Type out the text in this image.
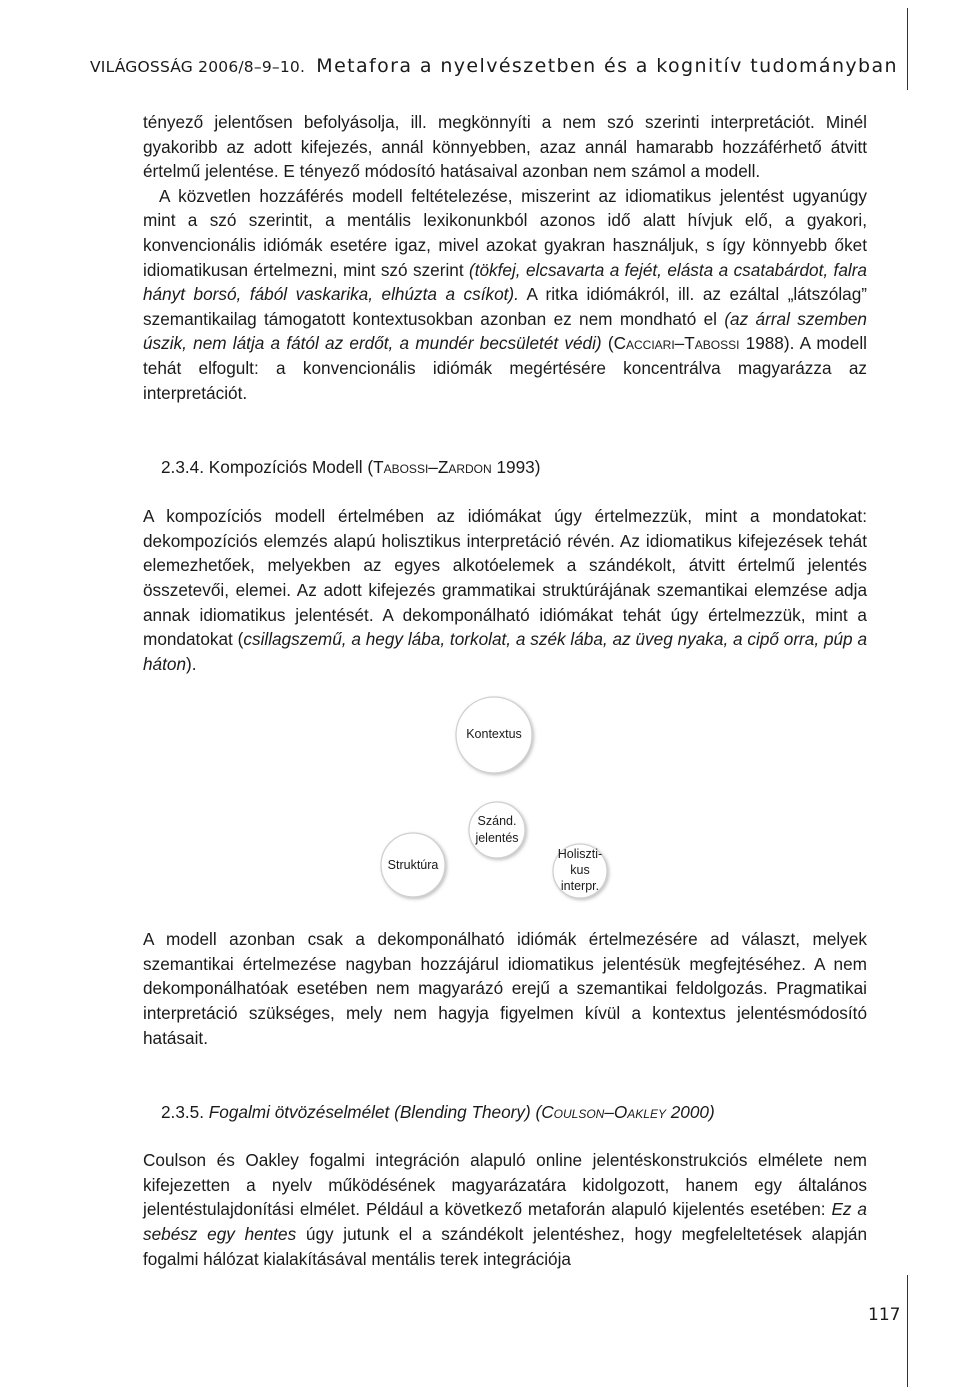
VILÁGOSSÁG 2006/8–9–10. Metafora a nyelvészetben és a kognitív tudományban

tényező jelentősen befolyásolja, ill. megkönnyíti a nem szó szerinti interpretációt. Minél gyakoribb az adott kifejezés, annál könnyebben, azaz annál hamarabb hozzáférhető átvitt értelmű jelentése. E tényező módosító hatásaival azonban nem számol a modell.

A közvetlen hozzáférés modell feltételezése, miszerint az idiomatikus jelentést ugyanúgy mint a szó szerintit, a mentális lexikonunkból azonos idő alatt hívjuk elő, a gyakori, konvencionális idiómák esetére igaz, mivel azokat gyakran használjuk, s így könnyebb őket idiomatikusan értelmezni, mint szó szerint (tökfej, elcsavarta a fejét, elásta a csatabárdot, falra hányt borsó, fából vaskarika, elhúzta a csíkot). A ritka idiómákról, ill. az ezáltal „látszólag” szemantikailag támogatott kontextusokban azonban ez nem mondható el (az árral szemben úszik, nem látja a fától az erdőt, a mundér becsületét védi) (Cacciari–Tabossi 1988). A modell tehát elfogult: a konvencionális idiómák megértésére koncentrálva magyarázza az interpretációt.

2.3.4. Kompozíciós Modell (Tabossi–Zardon 1993)

A kompozíciós modell értelmében az idiómákat úgy értelmezzük, mint a mondatokat: dekompozíciós elemzés alapú holisztikus interpretáció révén. Az idiomatikus kifejezések tehát elemezhetőek, melyekben az egyes alkotóelemek a szándékolt, átvitt értelmű jelentés összetevői, elemei. Az adott kifejezés grammatikai struktúrájának szemantikai elemzése adja annak idiomatikus jelentését. A dekomponálható idiómákat tehát úgy értelmezzük, mint a mondatokat (csillagszemű, a hegy lába, torkolat, a szék lába, az üveg nyaka, a cipő orra, púp a háton).

Kontextus
Szánd.
jelentés
Struktúra
Holiszti-
kus
interpr.

A modell azonban csak a dekomponálható idiómák értelmezésére ad választ, melyek szemantikai értelmezése nagyban hozzájárul idiomatikus jelentésük megfejtéséhez. A nem dekomponálhatóak esetében nem magyarázó erejű a szemantikai feldolgozás. Pragmatikai interpretáció szükséges, mely nem hagyja figyelmen kívül a kontextus jelentésmódosító hatásait.

2.3.5. Fogalmi ötvözéselmélet (Blending Theory) (Coulson–Oakley 2000)

Coulson és Oakley fogalmi integráción alapuló online jelentéskonstrukciós elmélete nem kifejezetten a nyelv működésének magyarázatára kidolgozott, hanem egy általános jelentéstulajdonítási elmélet. Például a következő metaforán alapuló kijelentés esetében: Ez a sebész egy hentes úgy jutunk el a szándékolt jelentéshez, hogy megfeleltetések alapján fogalmi hálózat kialakításával mentális terek integrációja

117
